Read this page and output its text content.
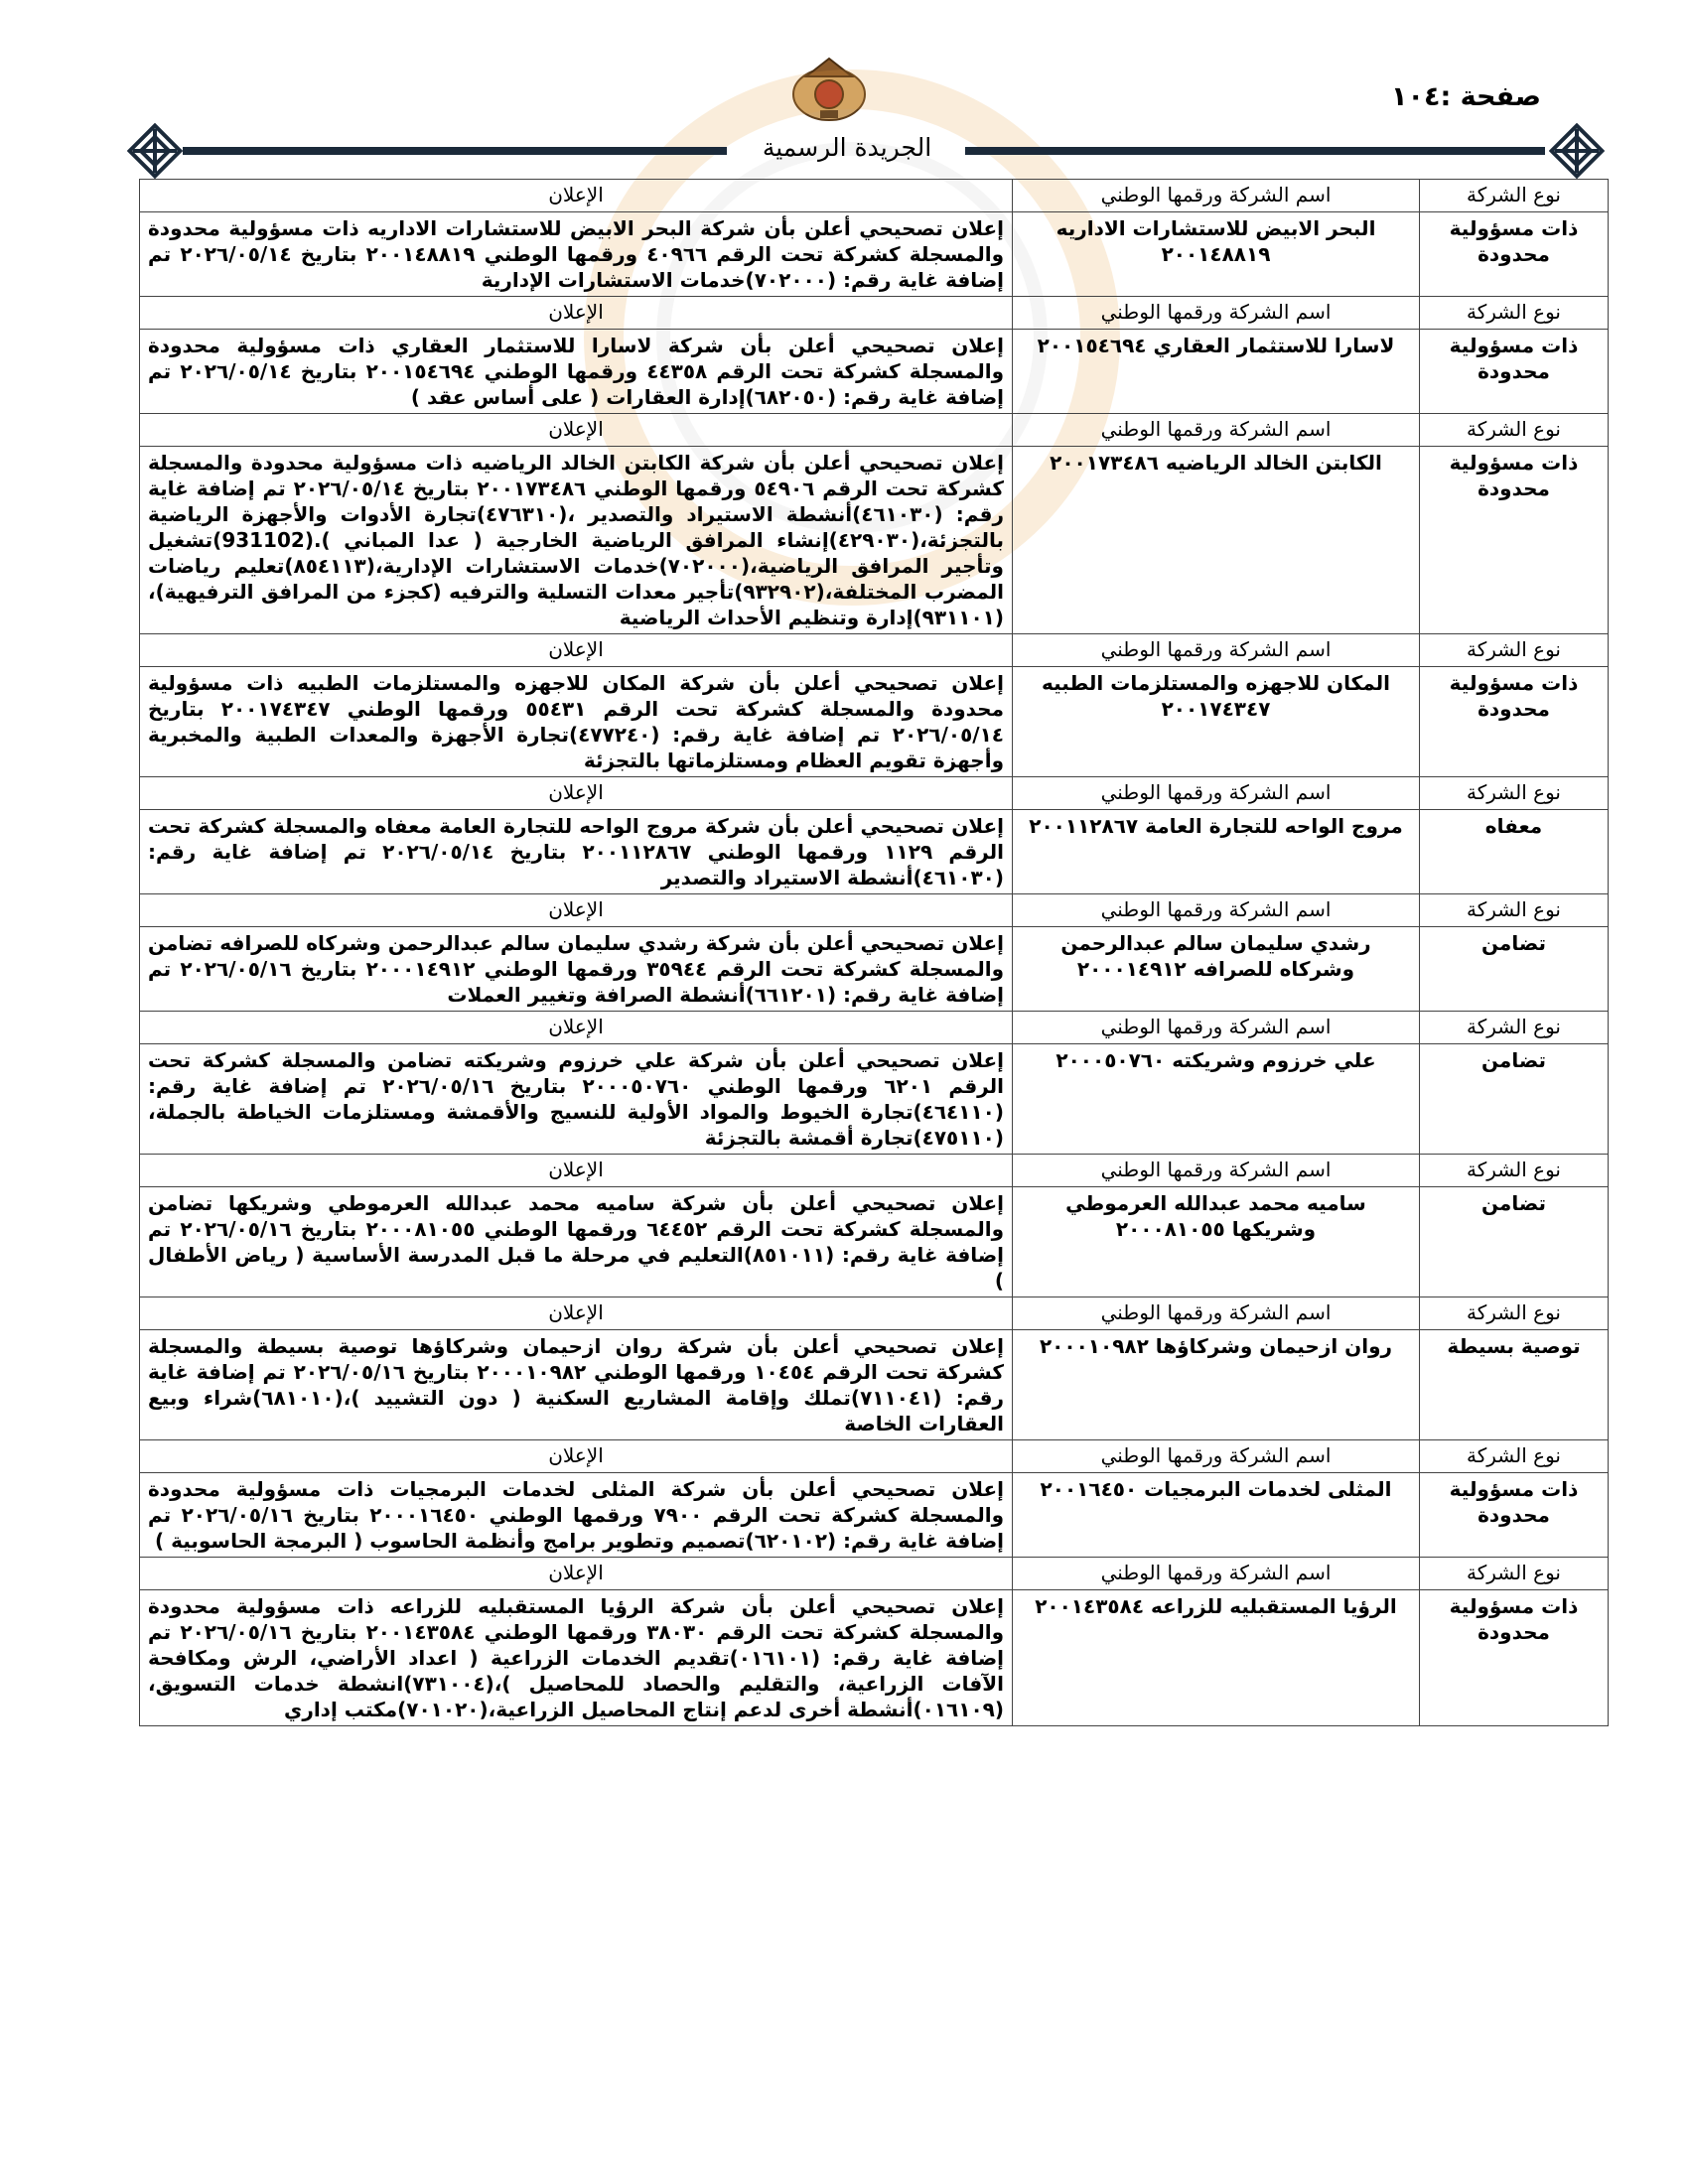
صفحة :١٠٤
الجريدة الرسمية
نوع الشركة	اسم الشركة ورقمها الوطني	الإعلان
ذات مسؤولية محدودة	البحر الابيض للاستشارات الاداريه ٢٠٠١٤٨٨١٩	إعلان تصحيحي أعلن بأن شركة البحر الابيض للاستشارات الاداريه ذات مسؤولية محدودة والمسجلة كشركة تحت الرقم ٤٠٩٦٦ ورقمها الوطني ٢٠٠١٤٨٨١٩ بتاريخ ٢٠٢٦/٠٥/١٤ تم إضافة غاية رقم: (٧٠٢٠٠٠)خدمات الاستشارات الإدارية
نوع الشركة	اسم الشركة ورقمها الوطني	الإعلان
ذات مسؤولية محدودة	لاسارا للاستثمار العقاري ٢٠٠١٥٤٦٩٤	إعلان تصحيحي أعلن بأن شركة لاسارا للاستثمار العقاري ذات مسؤولية محدودة والمسجلة كشركة تحت الرقم ٤٤٣٥٨ ورقمها الوطني ٢٠٠١٥٤٦٩٤ بتاريخ ٢٠٢٦/٠٥/١٤ تم إضافة غاية رقم: (٦٨٢٠٥٠)إدارة العقارات ( على أساس عقد )
نوع الشركة	اسم الشركة ورقمها الوطني	الإعلان
ذات مسؤولية محدودة	الكابتن الخالد الرياضيه ٢٠٠١٧٣٤٨٦	إعلان تصحيحي أعلن بأن شركة الكابتن الخالد الرياضيه ذات مسؤولية محدودة والمسجلة كشركة تحت الرقم ٥٤٩٠٦ ورقمها الوطني ٢٠٠١٧٣٤٨٦ بتاريخ ٢٠٢٦/٠٥/١٤ تم إضافة غاية رقم: (٤٦١٠٣٠)أنشطة الاستيراد والتصدير ،(٤٧٦٣١٠)تجارة الأدوات والأجهزة الرياضية بالتجزئة،(٤٢٩٠٣٠)إنشاء المرافق الرياضية الخارجية ( عدا المباني ).(931102)تشغيل وتأجير المرافق الرياضية،(٧٠٢٠٠٠)خدمات الاستشارات الإدارية،(٨٥٤١١٣)تعليم رياضات المضرب المختلفة،(٩٣٢٩٠٢)تأجير معدات التسلية والترفيه (كجزء من المرافق الترفيهية)،(٩٣١١٠١)إدارة وتنظيم الأحداث الرياضية
نوع الشركة	اسم الشركة ورقمها الوطني	الإعلان
ذات مسؤولية محدودة	المكان للاجهزه والمستلزمات الطبيه ٢٠٠١٧٤٣٤٧	إعلان تصحيحي أعلن بأن شركة المكان للاجهزه والمستلزمات الطبيه ذات مسؤولية محدودة والمسجلة كشركة تحت الرقم ٥٥٤٣١ ورقمها الوطني ٢٠٠١٧٤٣٤٧ بتاريخ ٢٠٢٦/٠٥/١٤ تم إضافة غاية رقم: (٤٧٧٢٤٠)تجارة الأجهزة والمعدات الطبية والمخبرية وأجهزة تقويم العظام ومستلزماتها بالتجزئة
نوع الشركة	اسم الشركة ورقمها الوطني	الإعلان
معفاه	مروج الواحه للتجارة العامة ٢٠٠١١٢٨٦٧	إعلان تصحيحي أعلن بأن شركة مروج الواحه للتجارة العامة معفاه والمسجلة كشركة تحت الرقم ١١٢٩ ورقمها الوطني ٢٠٠١١٢٨٦٧ بتاريخ ٢٠٢٦/٠٥/١٤ تم إضافة غاية رقم: (٤٦١٠٣٠)أنشطة الاستيراد والتصدير
نوع الشركة	اسم الشركة ورقمها الوطني	الإعلان
تضامن	رشدي سليمان سالم عبدالرحمن وشركاه للصرافه ٢٠٠٠١٤٩١٢	إعلان تصحيحي أعلن بأن شركة رشدي سليمان سالم عبدالرحمن وشركاه للصرافه تضامن والمسجلة كشركة تحت الرقم ٣٥٩٤٤ ورقمها الوطني ٢٠٠٠١٤٩١٢ بتاريخ ٢٠٢٦/٠٥/١٦ تم إضافة غاية رقم: (٦٦١٢٠١)أنشطة الصرافة وتغيير العملات
نوع الشركة	اسم الشركة ورقمها الوطني	الإعلان
تضامن	علي خرزوم وشريكته ٢٠٠٠٥٠٧٦٠	إعلان تصحيحي أعلن بأن شركة علي خرزوم وشريكته تضامن والمسجلة كشركة تحت الرقم ٦٢٠١ ورقمها الوطني ٢٠٠٠٥٠٧٦٠ بتاريخ ٢٠٢٦/٠٥/١٦ تم إضافة غاية رقم: (٤٦٤١١٠)تجارة الخيوط والمواد الأولية للنسيج والأقمشة ومستلزمات الخياطة بالجملة،(٤٧٥١١٠)تجارة أقمشة بالتجزئة
نوع الشركة	اسم الشركة ورقمها الوطني	الإعلان
تضامن	ساميه محمد عبدالله العرموطي وشريكها ٢٠٠٠٨١٠٥٥	إعلان تصحيحي أعلن بأن شركة ساميه محمد عبدالله العرموطي وشريكها تضامن والمسجلة كشركة تحت الرقم ٦٤٤٥٢ ورقمها الوطني ٢٠٠٠٨١٠٥٥ بتاريخ ٢٠٢٦/٠٥/١٦ تم إضافة غاية رقم: (٨٥١٠١١)التعليم في مرحلة ما قبل المدرسة الأساسية ( رياض الأطفال )
نوع الشركة	اسم الشركة ورقمها الوطني	الإعلان
توصية بسيطة	روان ازحيمان وشركاؤها ٢٠٠٠١٠٩٨٢	إعلان تصحيحي أعلن بأن شركة روان ازحيمان وشركاؤها توصية بسيطة والمسجلة كشركة تحت الرقم ١٠٤٥٤ ورقمها الوطني ٢٠٠٠١٠٩٨٢ بتاريخ ٢٠٢٦/٠٥/١٦ تم إضافة غاية رقم: (٧١١٠٤١)تملك وإقامة المشاريع السكنية ( دون التشييد )،(٦٨١٠١٠)شراء وبيع العقارات الخاصة
نوع الشركة	اسم الشركة ورقمها الوطني	الإعلان
ذات مسؤولية محدودة	المثلى لخدمات البرمجيات ٢٠٠١٦٤٥٠	إعلان تصحيحي أعلن بأن شركة المثلى لخدمات البرمجيات ذات مسؤولية محدودة والمسجلة كشركة تحت الرقم ٧٩٠٠ ورقمها الوطني ٢٠٠٠١٦٤٥٠ بتاريخ ٢٠٢٦/٠٥/١٦ تم إضافة غاية رقم: (٦٢٠١٠٢)تصميم وتطوير برامج وأنظمة الحاسوب ( البرمجة الحاسوبية )
نوع الشركة	اسم الشركة ورقمها الوطني	الإعلان
ذات مسؤولية محدودة	الرؤيا المستقبليه للزراعه ٢٠٠١٤٣٥٨٤	إعلان تصحيحي أعلن بأن شركة الرؤيا المستقبليه للزراعه ذات مسؤولية محدودة والمسجلة كشركة تحت الرقم ٣٨٠٣٠ ورقمها الوطني ٢٠٠١٤٣٥٨٤ بتاريخ ٢٠٢٦/٠٥/١٦ تم إضافة غاية رقم: (٠١٦١٠١)تقديم الخدمات الزراعية ( اعداد الأراضي، الرش ومكافحة الآفات الزراعية، والتقليم والحصاد للمحاصيل )،(٧٣١٠٠٤)انشطة خدمات التسويق،(٠١٦١٠٩)أنشطة أخرى لدعم إنتاج المحاصيل الزراعية،(٧٠١٠٢٠)مكتب إداري
